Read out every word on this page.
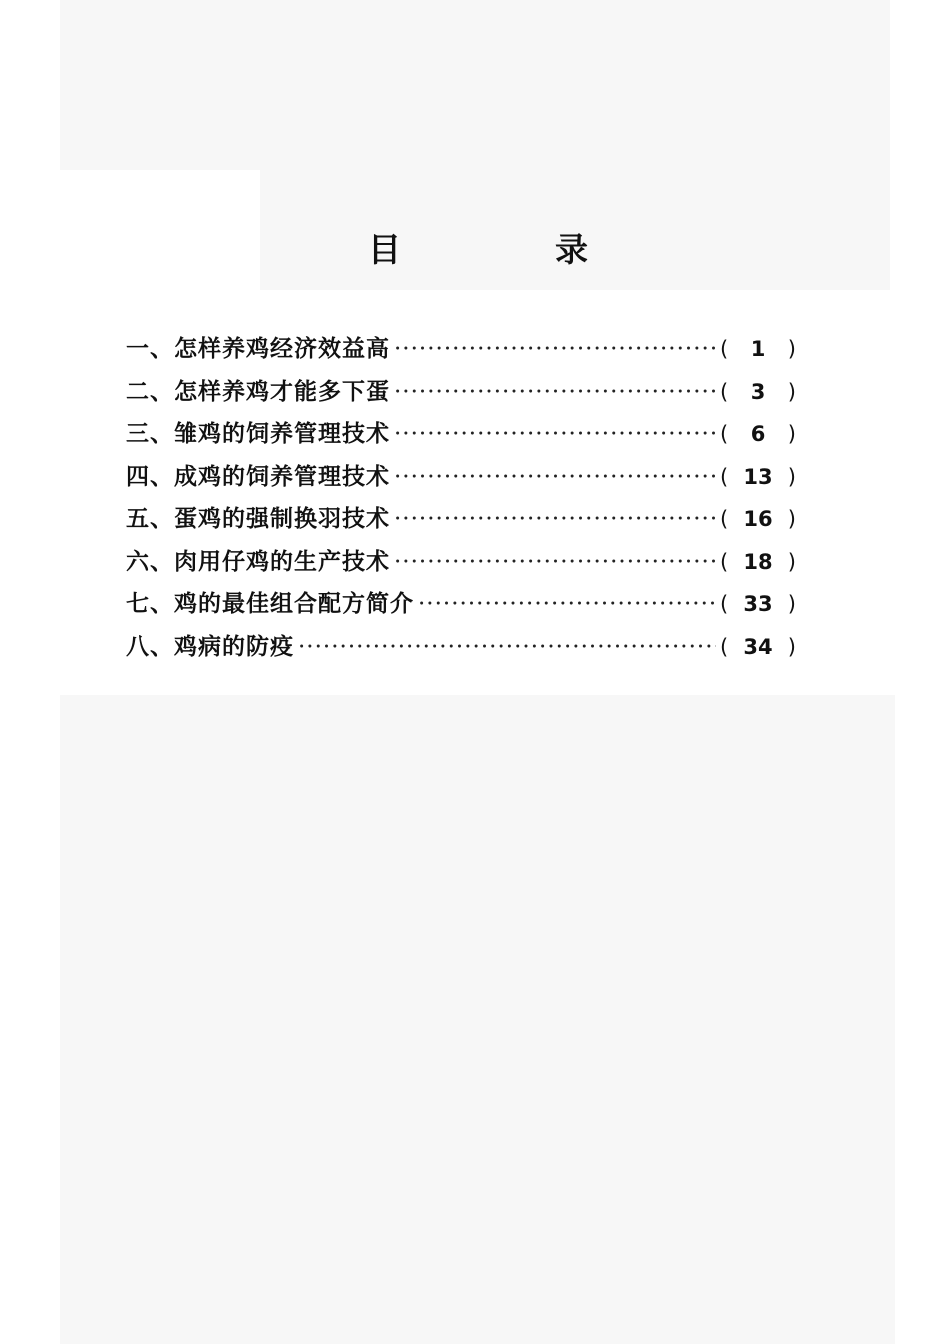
目	录
一、怎样养鸡经济效益高 ·····	(	1	)
二、怎样养鸡才能多下蛋 ·····	(	3	)
三、雏鸡的饲养管理技术 ·····	(	6	)
四、成鸡的饲养管理技术 ·····	( 13 )
五、蛋鸡的强制换羽技术 ·····	( 16 )
六、肉用仔鸡的生产技术 ·····	( 18 )
七、鸡的最佳组合配方简介 ·····	( 33 )
八、鸡病的防疫 ·····	( 34 )
